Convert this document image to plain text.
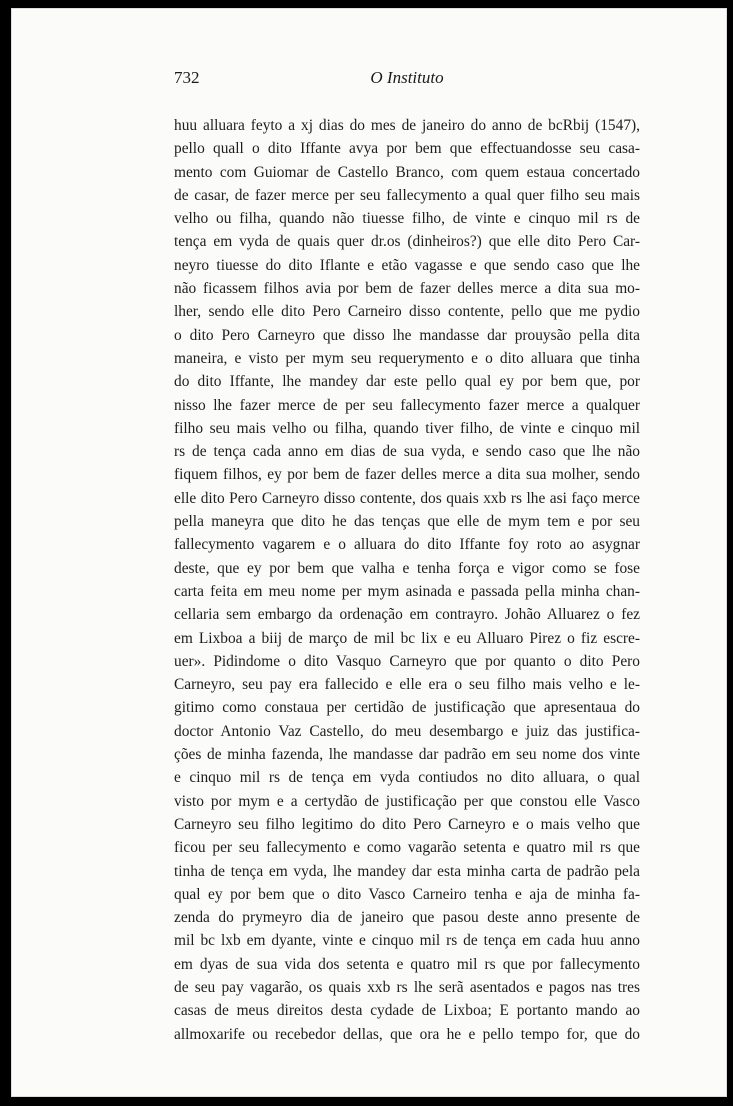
732	O Instituto
huu alluara feyto a xj dias do mes de janeiro do anno de bcRbij (1547),
pello quall o dito Iffante avya por bem que effectuandosse seu casa-
mento com Guiomar de Castello Branco, com quem estaua concertado
de casar, de fazer merce per seu fallecymento a qual quer filho seu mais
velho ou filha, quando não tiuesse filho, de vinte e cinquo mil rs de
tença em vyda de quais quer dr.os (dinheiros?) que elle dito Pero Car-
neyro tiuesse do dito Iflante e etão vagasse e que sendo caso que lhe
não ficassem filhos avia por bem de fazer delles merce a dita sua mo-
lher, sendo elle dito Pero Carneiro disso contente, pello que me pydio
o dito Pero Carneyro que disso lhe mandasse dar prouysão pella dita
maneira, e visto per mym seu requerymento e o dito alluara que tinha
do dito Iffante, lhe mandey dar este pello qual ey por bem que, por
nisso lhe fazer merce de per seu fallecymento fazer merce a qualquer
filho seu mais velho ou filha, quando tiver filho, de vinte e cinquo mil
rs de tença cada anno em dias de sua vyda, e sendo caso que lhe não
fiquem filhos, ey por bem de fazer delles merce a dita sua molher, sendo
elle dito Pero Carneyro disso contente, dos quais xxb rs lhe asi faço merce
pella maneyra que dito he das tenças que elle de mym tem e por seu
fallecymento vagarem e o alluara do dito Iffante foy roto ao asygnar
deste, que ey por bem que valha e tenha força e vigor como se fose
carta feita em meu nome per mym asinada e passada pella minha chan-
cellaria sem embargo da ordenação em contrayro. Johão Alluarez o fez
em Lixboa a biij de março de mil bc lix e eu Alluaro Pirez o fiz escre-
uer». Pidindome o dito Vasquo Carneyro que por quanto o dito Pero
Carneyro, seu pay era fallecido e elle era o seu filho mais velho e le-
gitimo como constaua per certidão de justificação que apresentaua do
doctor Antonio Vaz Castello, do meu desembargo e juiz das justifica-
ções de minha fazenda, lhe mandasse dar padrão em seu nome dos vinte
e cinquo mil rs de tença em vyda contiudos no dito alluara, o qual
visto por mym e a certydão de justificação per que constou elle Vasco
Carneyro seu filho legitimo do dito Pero Carneyro e o mais velho que
ficou per seu fallecymento e como vagarão setenta e quatro mil rs que
tinha de tença em vyda, lhe mandey dar esta minha carta de padrão pela
qual ey por bem que o dito Vasco Carneiro tenha e aja de minha fa-
zenda do prymeyro dia de janeiro que pasou deste anno presente de
mil bc lxb em dyante, vinte e cinquo mil rs de tença em cada huu anno
em dyas de sua vida dos setenta e quatro mil rs que por fallecymento
de seu pay vagarão, os quais xxb rs lhe serã asentados e pagos nas tres
casas de meus direitos desta cydade de Lixboa; E portanto mando ao
allmoxarife ou recebedor dellas, que ora he e pello tempo for, que do
